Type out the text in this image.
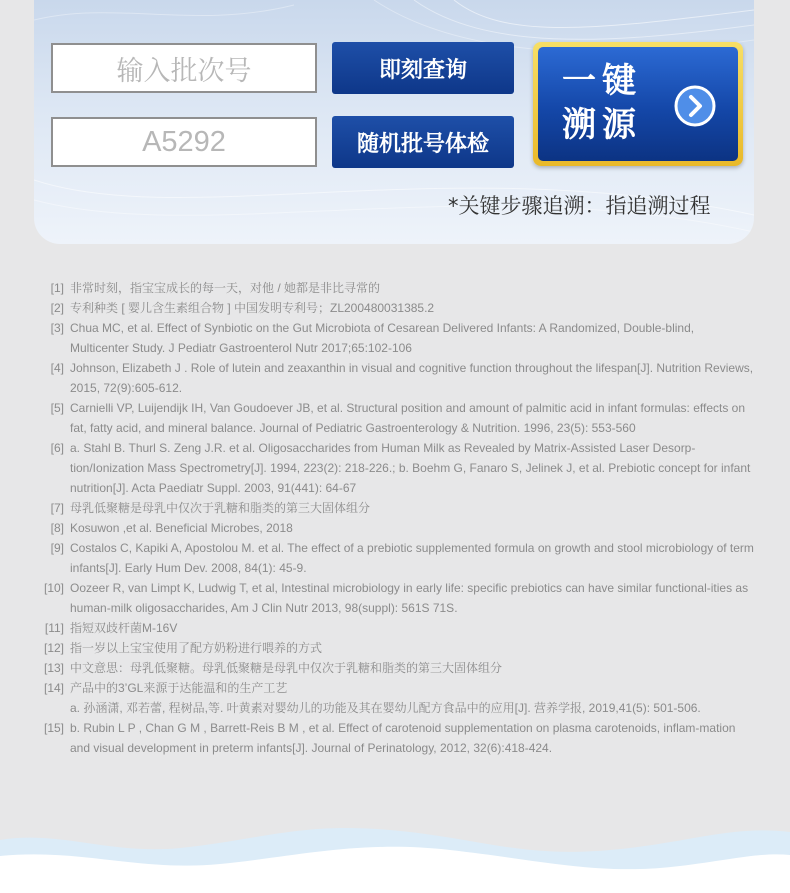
输入批次号
A5292
即刻查询
随机批号体检
一键
溯源
*关键步骤追溯：指追溯过程
[1] 非常时刻，指宝宝成长的每一天，对他 / 她都是非比寻常的
[2] 专利种类 [ 婴儿含生素组合物 ] 中国发明专利号；ZL200480031385.2
[3] Chua MC, et al. Effect of Synbiotic on the Gut Microbiota of Cesarean Delivered Infants: A Randomized, Double-blind, Multicenter Study. J Pediatr Gastroenterol Nutr 2017;65:102-106
[4] Johnson, Elizabeth J . Role of lutein and zeaxanthin in visual and cognitive function throughout the lifespan[J]. Nutrition Reviews, 2015, 72(9):605-612.
[5] Carnielli VP, Luijendijk IH, Van Goudoever JB, et al. Structural position and amount of palmitic acid in infant formulas: effects on fat, fatty acid, and mineral balance. Journal of Pediatric Gastroenterology & Nutrition. 1996, 23(5): 553-560
[6] a. Stahl B. Thurl S. Zeng J.R. et al. Oligosaccharides from Human Milk as Revealed by Matrix-Assisted Laser Desorp-tion/Ionization Mass Spectrometry[J]. 1994, 223(2): 218-226.; b. Boehm G, Fanaro S, Jelinek J, et al. Prebiotic concept for infant nutrition[J]. Acta Paediatr Suppl. 2003, 91(441): 64-67
[7] 母乳低聚糖是母乳中仅次于乳糖和脂类的第三大固体组分
[8] Kosuwon ,et al. Beneficial Microbes, 2018
[9] Costalos C, Kapiki A, Apostolou M. et al. The effect of a prebiotic supplemented formula on growth and stool microbiology of term infants[J]. Early Hum Dev. 2008, 84(1): 45-9.
[10] Oozeer R, van Limpt K, Ludwig T, et al, Intestinal microbiology in early life: specific prebiotics can have similar functional-ities as human-milk oligosaccharides, Am J Clin Nutr 2013, 98(suppl): 561S 71S.
[11] 指短双歧杆菌M-16V
[12] 指一岁以上宝宝使用了配方奶粉进行喂养的方式
[13] 中文意思：母乳低聚糖。母乳低聚糖是母乳中仅次于乳糖和脂类的第三大固体组分
[14] 产品中的3’GL来源于达能温和的生产工艺
a. 孙涵潇, 邓若蕾, 程树品,等. 叶黄素对婴幼儿的功能及其在婴幼儿配方食品中的应用[J]. 营养学报, 2019,41(5): 501-506.
[15] b. Rubin L P , Chan G M , Barrett-Reis B M , et al. Effect of carotenoid supplementation on plasma carotenoids, inflam-mation and visual development in preterm infants[J]. Journal of Perinatology, 2012, 32(6):418-424.
